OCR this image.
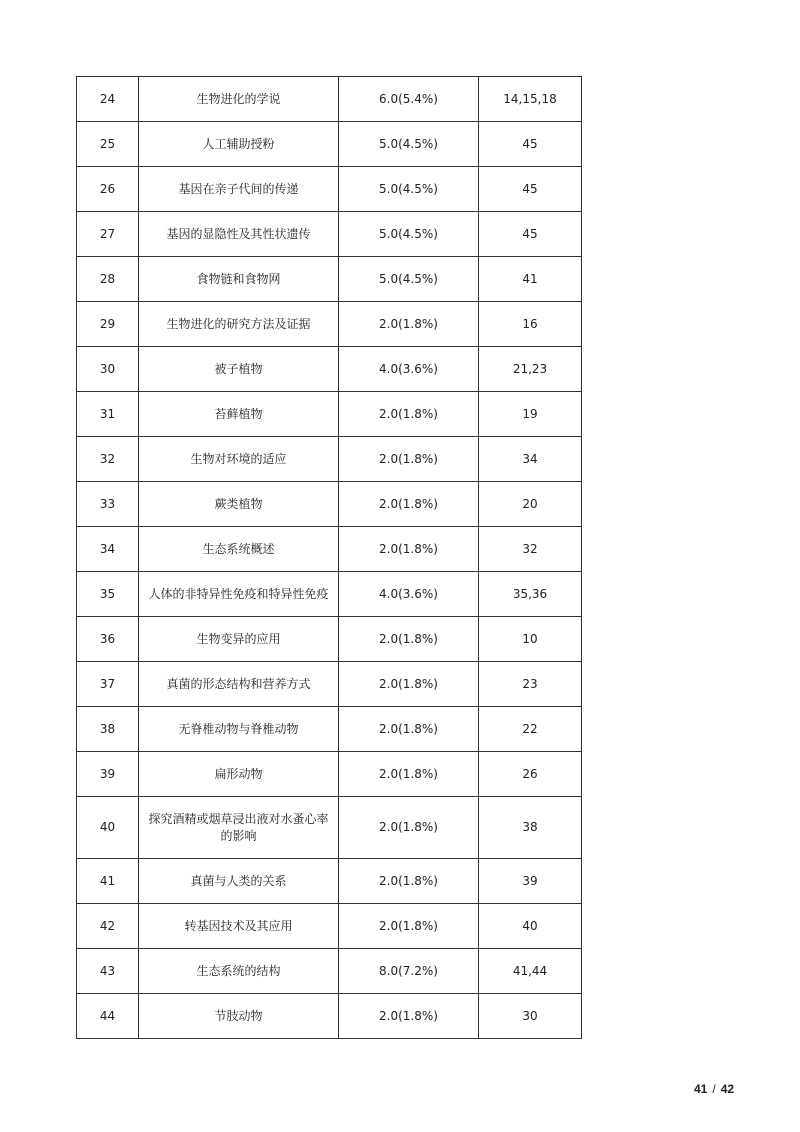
24	生物进化的学说	6.0(5.4%)	14,15,18
25	人工辅助授粉	5.0(4.5%)	45
26	基因在亲子代间的传递	5.0(4.5%)	45
27	基因的显隐性及其性状遗传	5.0(4.5%)	45
28	食物链和食物网	5.0(4.5%)	41
29	生物进化的研究方法及证据	2.0(1.8%)	16
30	被子植物	4.0(3.6%)	21,23
31	苔藓植物	2.0(1.8%)	19
32	生物对环境的适应	2.0(1.8%)	34
33	蕨类植物	2.0(1.8%)	20
34	生态系统概述	2.0(1.8%)	32
35	人体的非特异性免疫和特异性免疫	4.0(3.6%)	35,36
36	生物变异的应用	2.0(1.8%)	10
37	真菌的形态结构和营养方式	2.0(1.8%)	23
38	无脊椎动物与脊椎动物	2.0(1.8%)	22
39	扁形动物	2.0(1.8%)	26
40	探究酒精或烟草浸出液对水蚤心率的影响	2.0(1.8%)	38
41	真菌与人类的关系	2.0(1.8%)	39
42	转基因技术及其应用	2.0(1.8%)	40
43	生态系统的结构	8.0(7.2%)	41,44
44	节肢动物	2.0(1.8%)	30
41 / 42
